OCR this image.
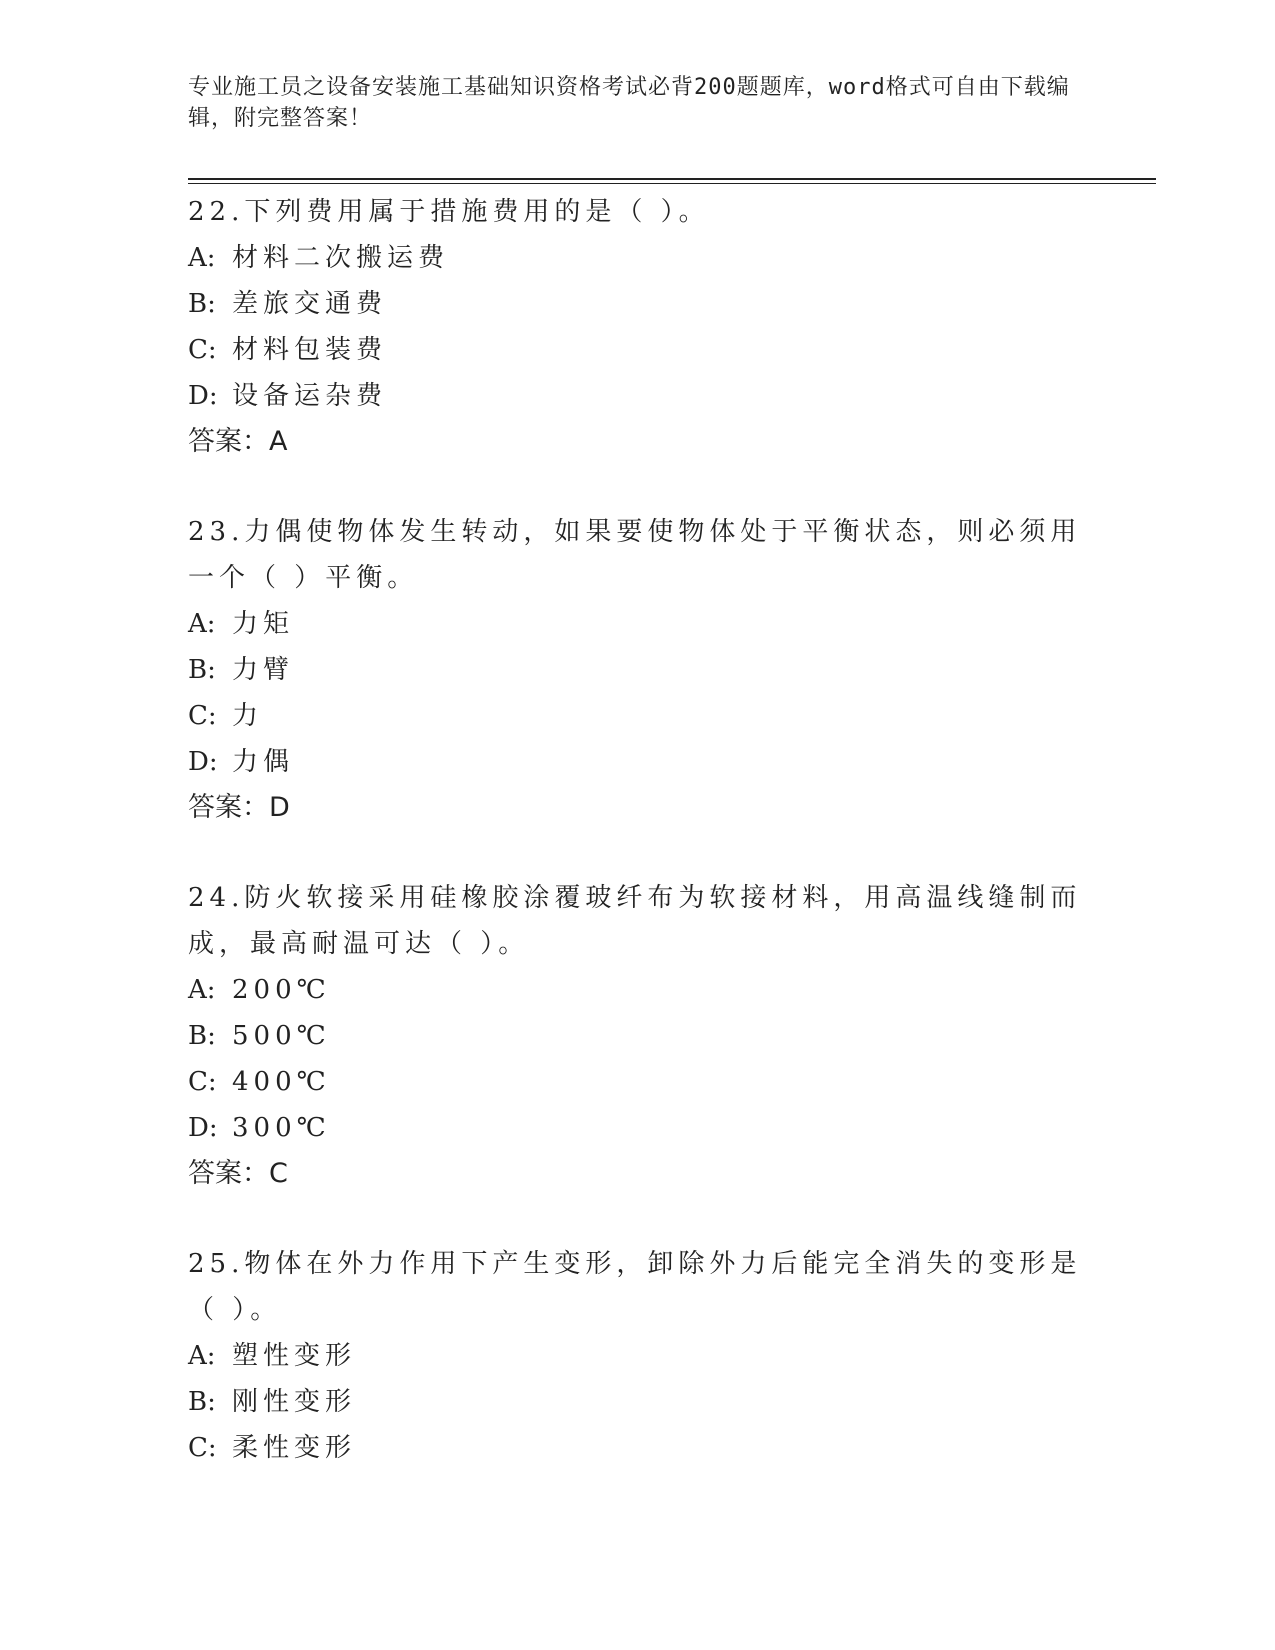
专业施工员之设备安装施工基础知识资格考试必背200题题库，word格式可自由下载编辑，附完整答案！

22.下列费用属于措施费用的是（ ）。

A: 材料二次搬运费

B: 差旅交通费

C: 材料包装费

D: 设备运杂费

答案：A

23.力偶使物体发生转动，如果要使物体处于平衡状态，则必须用一个（ ）平衡。

A: 力矩

B: 力臂

C: 力

D: 力偶

答案：D

24.防火软接采用硅橡胶涂覆玻纤布为软接材料，用高温线缝制而成，最高耐温可达（ ）。

A: 200℃

B: 500℃

C: 400℃

D: 300℃

答案：C

25.物体在外力作用下产生变形，卸除外力后能完全消失的变形是（ ）。

A: 塑性变形

B: 刚性变形

C: 柔性变形
